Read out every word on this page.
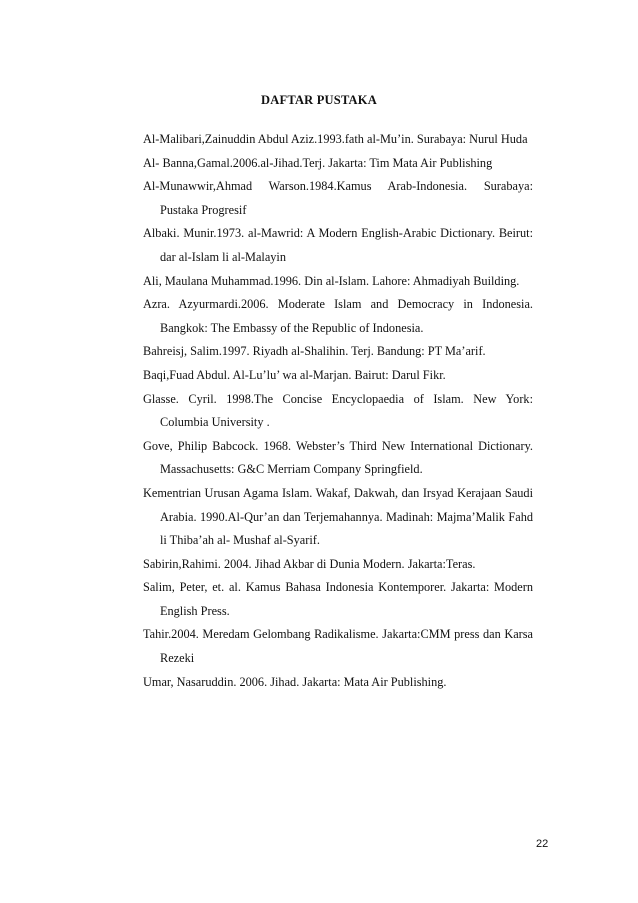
DAFTAR PUSTAKA
Al-Malibari,Zainuddin Abdul Aziz.1993.fath al-Mu’in. Surabaya: Nurul Huda
Al- Banna,Gamal.2006.al-Jihad.Terj. Jakarta: Tim Mata Air Publishing
Al-Munawwir,Ahmad Warson.1984.Kamus Arab-Indonesia. Surabaya: Pustaka Progresif
Albaki. Munir.1973. al-Mawrid: A Modern English-Arabic Dictionary. Beirut: dar al-Islam li al-Malayin
Ali, Maulana Muhammad.1996. Din al-Islam. Lahore: Ahmadiyah Building.
Azra. Azyurmardi.2006. Moderate Islam and Democracy in Indonesia. Bangkok: The Embassy of the Republic of Indonesia.
Bahreisj, Salim.1997. Riyadh al-Shalihin. Terj. Bandung: PT Ma’arif.
Baqi,Fuad Abdul. Al-Lu’lu’ wa al-Marjan. Bairut: Darul Fikr.
Glasse. Cyril. 1998.The Concise Encyclopaedia of Islam. New York: Columbia University .
Gove, Philip Babcock. 1968. Webster’s Third New International Dictionary. Massachusetts: G&C Merriam Company Springfield.
Kementrian Urusan Agama Islam. Wakaf, Dakwah, dan Irsyad Kerajaan Saudi Arabia. 1990.Al-Qur’an dan Terjemahannya. Madinah: Majma’Malik Fahd li Thiba’ah al- Mushaf al-Syarif.
Sabirin,Rahimi. 2004. Jihad Akbar di Dunia Modern. Jakarta:Teras.
Salim, Peter, et. al. Kamus Bahasa Indonesia Kontemporer. Jakarta: Modern English Press.
Tahir.2004. Meredam Gelombang Radikalisme. Jakarta:CMM press dan Karsa Rezeki
Umar, Nasaruddin. 2006. Jihad. Jakarta: Mata Air Publishing.
22
